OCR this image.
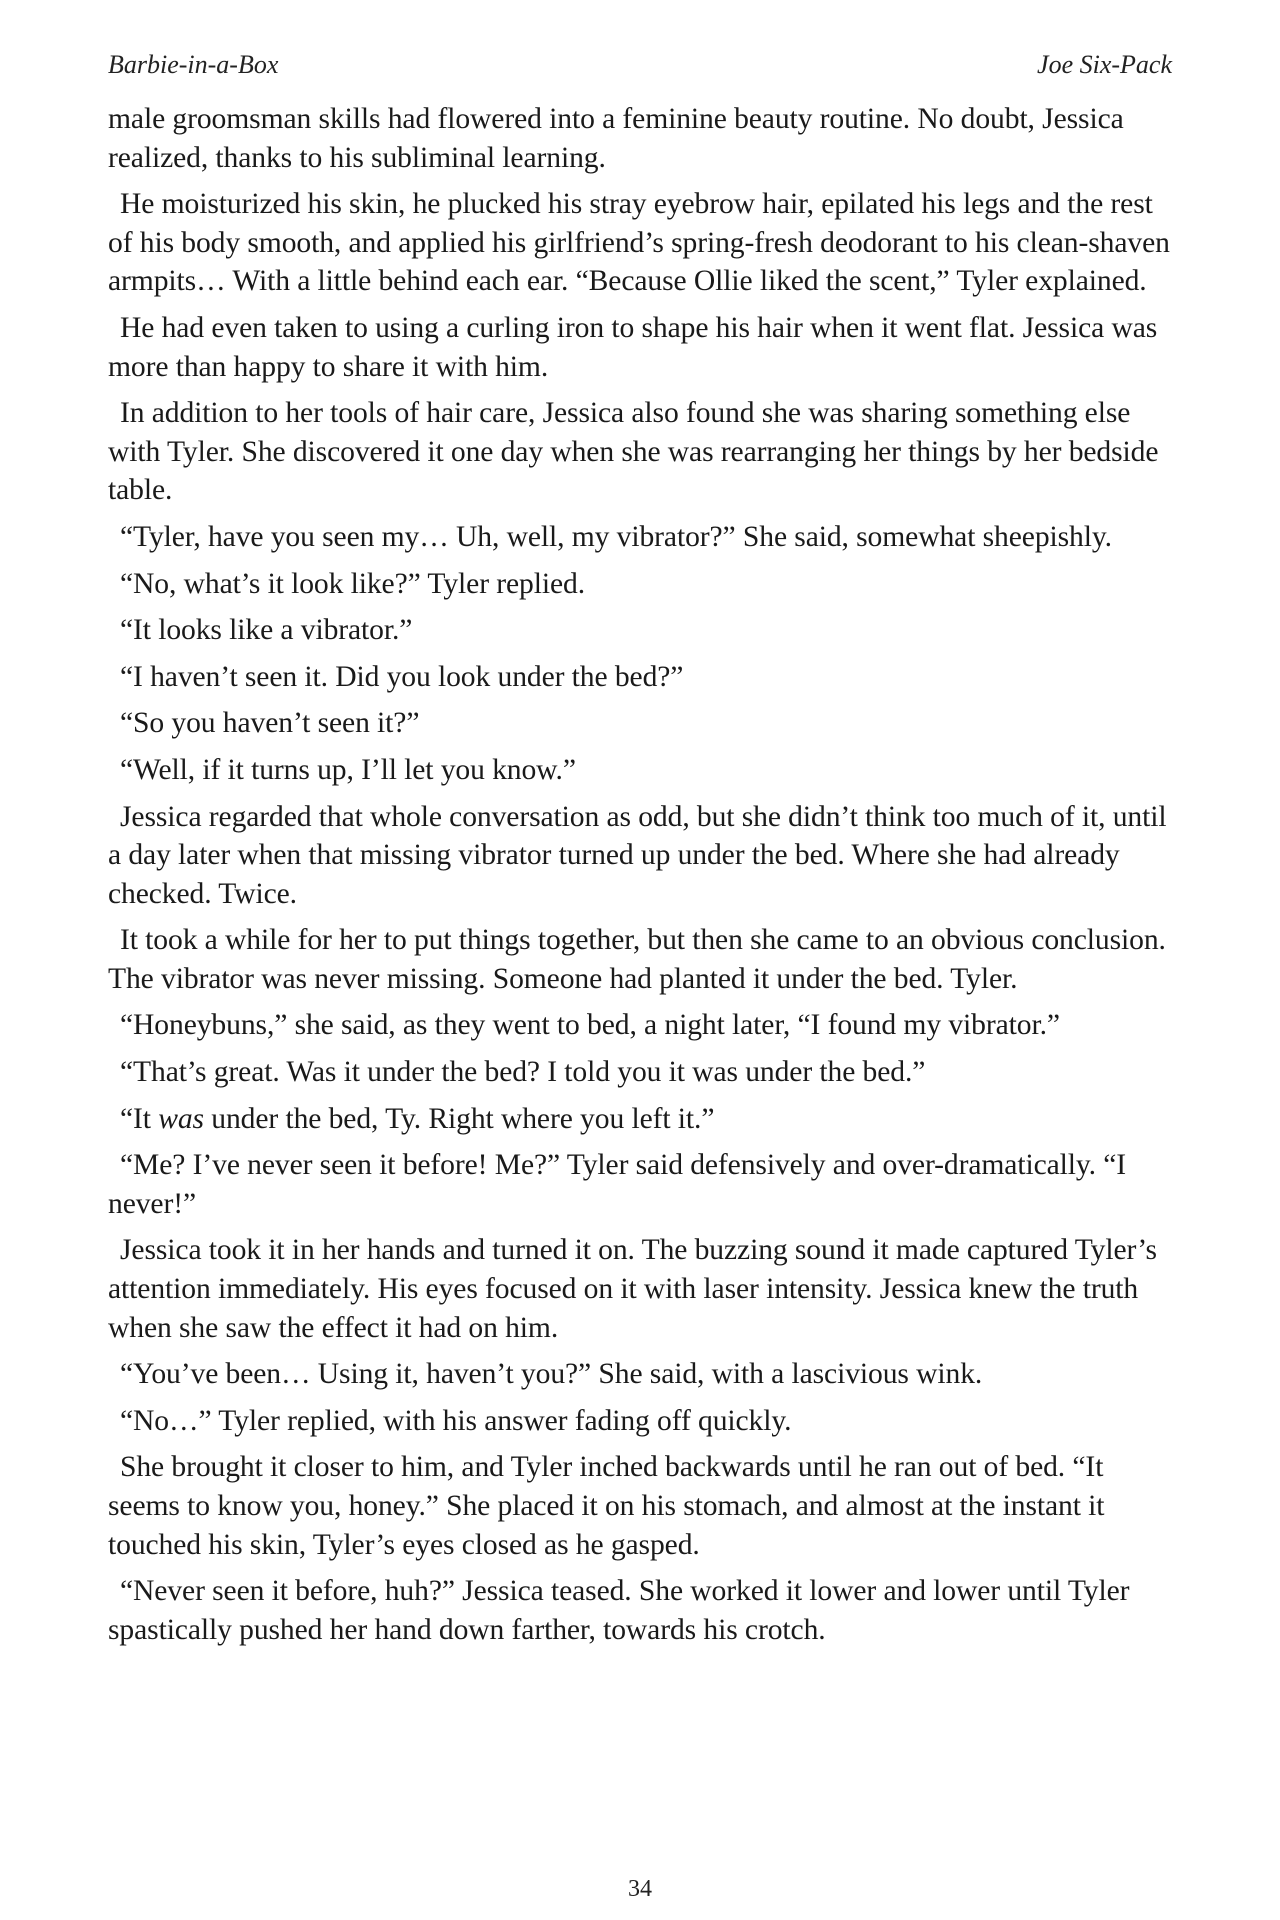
Barbie-in-a-Box	Joe Six-Pack

male groomsman skills had flowered into a feminine beauty routine. No doubt, Jessica realized, thanks to his subliminal learning.

He moisturized his skin, he plucked his stray eyebrow hair, epilated his legs and the rest of his body smooth, and applied his girlfriend’s spring-fresh deodorant to his clean-shaven armpits… With a little behind each ear. “Because Ollie liked the scent,” Tyler explained.

He had even taken to using a curling iron to shape his hair when it went flat. Jessica was more than happy to share it with him.

In addition to her tools of hair care, Jessica also found she was sharing something else with Tyler. She discovered it one day when she was rearranging her things by her bedside table.

“Tyler, have you seen my… Uh, well, my vibrator?” She said, somewhat sheepishly.

“No, what’s it look like?” Tyler replied.

“It looks like a vibrator.”

“I haven’t seen it. Did you look under the bed?”

“So you haven’t seen it?”

“Well, if it turns up, I’ll let you know.”

Jessica regarded that whole conversation as odd, but she didn’t think too much of it, until a day later when that missing vibrator turned up under the bed. Where she had already checked. Twice.

It took a while for her to put things together, but then she came to an obvious conclusion. The vibrator was never missing. Someone had planted it under the bed. Tyler.

“Honeybuns,” she said, as they went to bed, a night later, “I found my vibrator.”

“That’s great. Was it under the bed? I told you it was under the bed.”

“It was under the bed, Ty. Right where you left it.”

“Me? I’ve never seen it before! Me?” Tyler said defensively and over-dramatically. “I never!”

Jessica took it in her hands and turned it on. The buzzing sound it made captured Tyler’s attention immediately. His eyes focused on it with laser intensity. Jessica knew the truth when she saw the effect it had on him.

“You’ve been… Using it, haven’t you?” She said, with a lascivious wink.

“No…” Tyler replied, with his answer fading off quickly.

She brought it closer to him, and Tyler inched backwards until he ran out of bed. “It seems to know you, honey.” She placed it on his stomach, and almost at the instant it touched his skin, Tyler’s eyes closed as he gasped.

“Never seen it before, huh?” Jessica teased. She worked it lower and lower until Tyler spastically pushed her hand down farther, towards his crotch.

34
